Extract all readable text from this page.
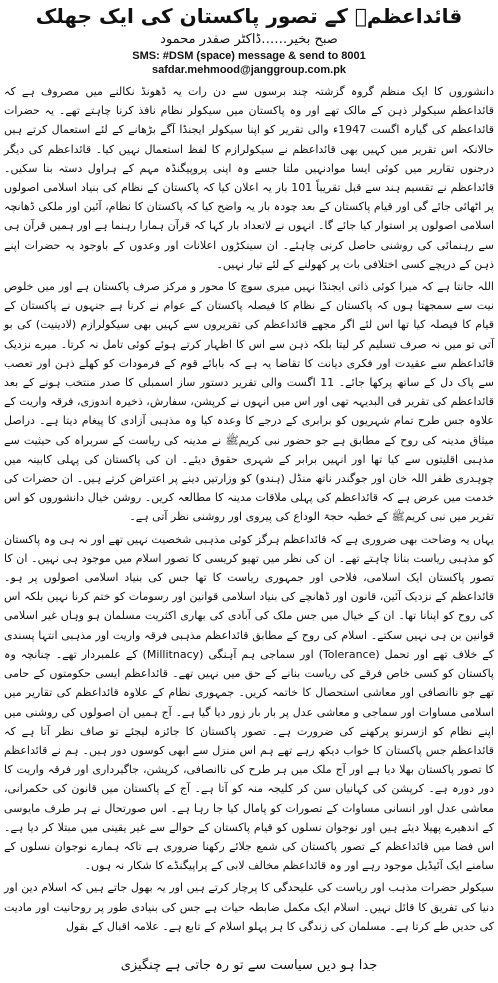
قائداعظمؒ کے تصور پاکستان کی ایک جھلک
صبح بخیر……ڈاکٹر صفدر محمود
SMS: #DSM (space) message & send to 8001
safdar.mehmood@janggroup.com.pk

دانشوروں کا ایک منظم گروہ گزشتہ چند برسوں سے دن رات یہ ڈھونڈ نکالنے میں مصروف ہے کہ قائداعظم سیکولر ذہن کے مالک تھے اور وہ پاکستان میں سیکولر نظام نافذ کرنا چاہتے تھے۔ یہ حضرات قائداعظم کی گیارہ اگست 1947ء والی تقریر کو اپنا سیکولر ایجنڈا آگے بڑھانے کے لئے استعمال کرتے ہیں حالانکہ اس تقریر میں کہیں بھی قائداعظم نے سیکولرازم کا لفظ استعمال نہیں کیا۔ قائداعظم کی دیگر درجنوں تقاریر میں کوئی ایسا موادنہیں ملتا جسے وہ اپنی پروپیگنڈہ مہم کے ہراول دستہ بنا سکیں۔ قائداعظم نے تقسیم ہند سے قبل تقریباً 101 بار یہ اعلان کیا کہ پاکستان کے نظام کی بنیاد اسلامی اصولوں پر اٹھائی جائے گی اور قیام پاکستان کے بعد چودہ بار یہ واضح کیا کہ پاکستان کا نظام، آئین اور ملکی ڈھانچہ اسلامی اصولوں پر استوار کیا جائے گا۔ انہوں نے لاتعداد بار کہا کہ قرآن ہمارا رہنما ہے اور ہمیں قرآن ہی سے رہنمائی کی روشنی حاصل کرنی چاہئے۔ ان سینکڑوں اعلانات اور وعدوں کے باوجود یہ حضرات اپنے ذہن کے دریچے کسی اختلافی بات پر کھولنے کے لئے تیار نہیں۔

اللہ جانتا ہے کہ میرا کوئی ذاتی ایجنڈا نہیں میری سوچ کا محور و مرکز صرف پاکستان ہے اور میں خلوص نیت سے سمجھتا ہوں کہ پاکستان کے نظام کا فیصلہ پاکستان کے عوام نے کرنا ہے جنہوں نے پاکستان کے قیام کا فیصلہ کیا تھا اس لئے اگر مجھے قائداعظم کی تقریروں سے کہیں بھی سیکولرازم (لادینیت) کی بو آتی تو میں نہ صرف تسلیم کر لیتا بلکہ ذہن سے اس کا اظہار کرتے ہوئے کوئی تامل نہ کرتا۔ میرے نزدیک قائداعظم سے عقیدت اور فکری دیانت کا تقاضا یہ ہے کہ بابائے قوم کے فرمودات کو کھلے ذہن اور تعصب سے پاک دل کے ساتھ پرکھا جائے۔ 11 اگست والی تقریر دستور ساز اسمبلی کا صدر منتخب ہونے کے بعد قائداعظم کی تقریر فی البدیہہ تھی اور اس میں انہوں نے کرپشن، سفارش، ذخیرہ اندوزی، فرقہ واریت کے علاوہ جس طرح تمام شہریوں کو برابری کے درجے کا وعدہ کیا وہ مذہبی آزادی کا پیغام دیتا ہے۔ دراصل میثاق مدینہ کی روح کے مطابق ہے جو حضور نبی کریمﷺ نے مدینہ کی ریاست کے سربراہ کی حیثیت سے مذہبی اقلیتوں سے کیا تھا اور انہیں برابر کے شہری حقوق دیئے۔ ان کی پاکستان کی پہلی کابینہ میں چوہدری ظفر اللہ خان اور جوگندر ناتھ منڈل (ہندو) کو وزارتیں دینے پر اعتراض کرتے ہیں۔ ان حضرات کی خدمت میں عرض ہے کہ قائداعظم کی پہلی ملاقات مدینہ کا مطالعہ کریں۔ روشن خیال دانشوروں کو اس تقریر میں نبی کریمﷺ کے خطبہ حجۃ الوداع کی پیروی اور روشنی نظر آتی ہے۔

یہاں یہ وضاحت بھی ضروری ہے کہ قائداعظم ہرگز کوئی مذہبی شخصیت نہیں تھے اور نہ ہی وہ پاکستان کو مذہبی ریاست بنانا چاہتے تھے۔ ان کی نظر میں تھیو کریسی کا تصور اسلام میں موجود ہی نہیں۔ ان کا تصور پاکستان ایک اسلامی، فلاحی اور جمہوری ریاست کا تھا جس کی بنیاد اسلامی اصولوں پر ہو۔ قائداعظم کے نزدیک آئین، قانون اور ڈھانچے کی بنیاد اسلامی قوانین اور رسومات کو ختم کرنا نہیں بلکہ اس کی روح کو اپنانا تھا۔ ان کے خیال میں جس ملک کی آبادی کی بھاری اکثریت مسلمان ہو وہاں غیر اسلامی قوانین بن ہی نہیں سکتے۔ اسلام کی روح کے مطابق قائداعظم مذہبی فرقہ واریت اور مذہبی انتہا پسندی کے خلاف تھے اور تحمل (Tolerance) اور سماجی ہم آہنگی (Millitnacy) کے علمبردار تھے۔ چنانچہ وہ پاکستان کو کسی خاص فرقے کی ریاست بنانے کے حق میں نہیں تھے۔ قائداعظم ایسی حکومتوں کے حامی تھے جو ناانصافی اور معاشی استحصال کا خاتمہ کریں۔ جمہوری نظام کے علاوہ قائداعظم کی تقاریر میں اسلامی مساوات اور سماجی و معاشی عدل پر بار بار زور دیا گیا ہے۔ آج ہمیں ان اصولوں کی روشنی میں اپنے نظام کو ازسرنو پرکھنے کی ضرورت ہے۔ تصور پاکستان کا جائزہ لیجئے تو صاف نظر آتا ہے کہ قائداعظم جس پاکستان کا خواب دیکھ رہے تھے ہم اس منزل سے ابھی کوسوں دور ہیں۔ ہم نے قائداعظم کا تصور پاکستان بھلا دیا ہے اور آج ملک میں ہر طرح کی ناانصافی، کرپشن، جاگیرداری اور فرقہ واریت کا دور دورہ ہے۔ کرپشن کی کہانیاں سن کر کلیجہ منہ کو آتا ہے۔ آج کے پاکستان میں قانون کی حکمرانی، معاشی عدل اور انسانی مساوات کے تصورات کو پامال کیا جا رہا ہے۔ اس صورتحال نے ہر طرف مایوسی کے اندھیرے پھیلا دیئے ہیں اور نوجوان نسلوں کو قیام پاکستان کے حوالے سے غیر یقینی میں مبتلا کر دیا ہے۔ اس فضا میں قائداعظم کے تصور پاکستان کی شمع جلائے رکھنا ضروری ہے تاکہ ہمارے نوجوان نسلوں کے سامنے ایک آئیڈیل موجود رہے اور وہ قائداعظم مخالف لابی کے پراپیگنڈے کا شکار نہ ہوں۔

سیکولر حضرات مذہب اور ریاست کی علیحدگی کا پرچار کرتے ہیں اور یہ بھول جاتے ہیں کہ اسلام دین اور دنیا کی تفریق کا قائل نہیں۔ اسلام ایک مکمل ضابطہ حیات ہے جس کی بنیادی طور پر روحانیت اور مادیت کی حدیں طے کرتا ہے۔ مسلمان کی زندگی کا ہر پہلو اسلام کے تابع ہے۔ علامہ اقبال کے بقول

جدا ہو دیں سیاست سے تو رہ جاتی ہے چنگیزی
